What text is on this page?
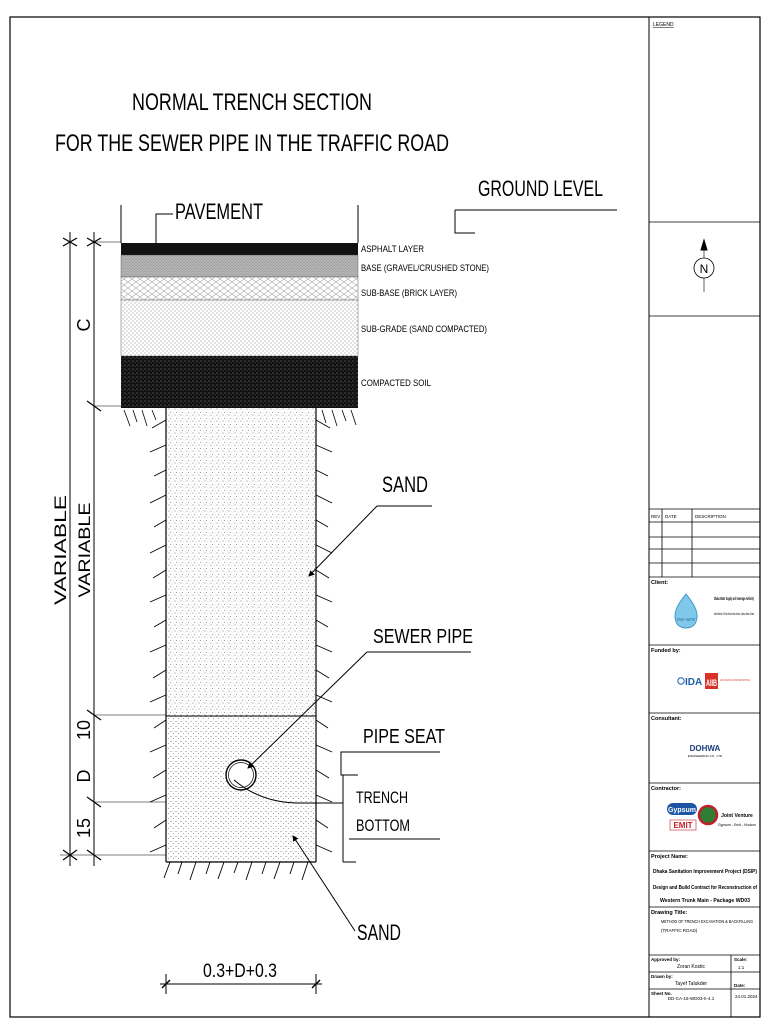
NORMAL TRENCH SECTION
FOR THE SEWER PIPE IN THE TRAFFIC ROAD
GROUND LEVEL
PAVEMENT
ASPHALT LAYER
BASE (GRAVEL/CRUSHED STONE)
SUB-BASE (BRICK LAYER)
SUB-GRADE (SAND COMPACTED)
COMPACTED SOIL
SAND
SEWER PIPE
PIPE SEAT
TRENCH
BOTTOM
SAND
0.3+D+0.3
C
VARIABLE VARIABLE
10
D
15
N
LEGEND
REV DATE	DESCRIPTION
Client:
ঢাকা ওয়াসা
Dhaka Water Supply and Sewerage Authority
Wasa Bhaban, 98 Kazi Nazrul Islam Avenue, Kawran Bazar, Dhaka
Funded by:
IDA AIIB ASIAN INFRASTRUCTURE INVESTMENT BANK
Consultant:
DOHWA
ENGINEERING CO., LTD
Contractor:
Gypsum
EMIT
Joint Venture
Gypsum - Emit - Khokon
Project Name:
Dhaka Sanitation Improvement Project (DSIP)
Design and Build Contract for Reconstruction of
Western Trunk Main - Package WD03
Drawing Title:
METHOD OF TRENCH EXCAVATION & BACKFILLING
(TRAFFIC ROAD)
Approved by:
Zoran Kostic
Scale:
1:1
Drawn by:
Tayef Talukder	Date:
Sheet No.
DD-CA-16-WD03-II-4.1	24.01.2024
